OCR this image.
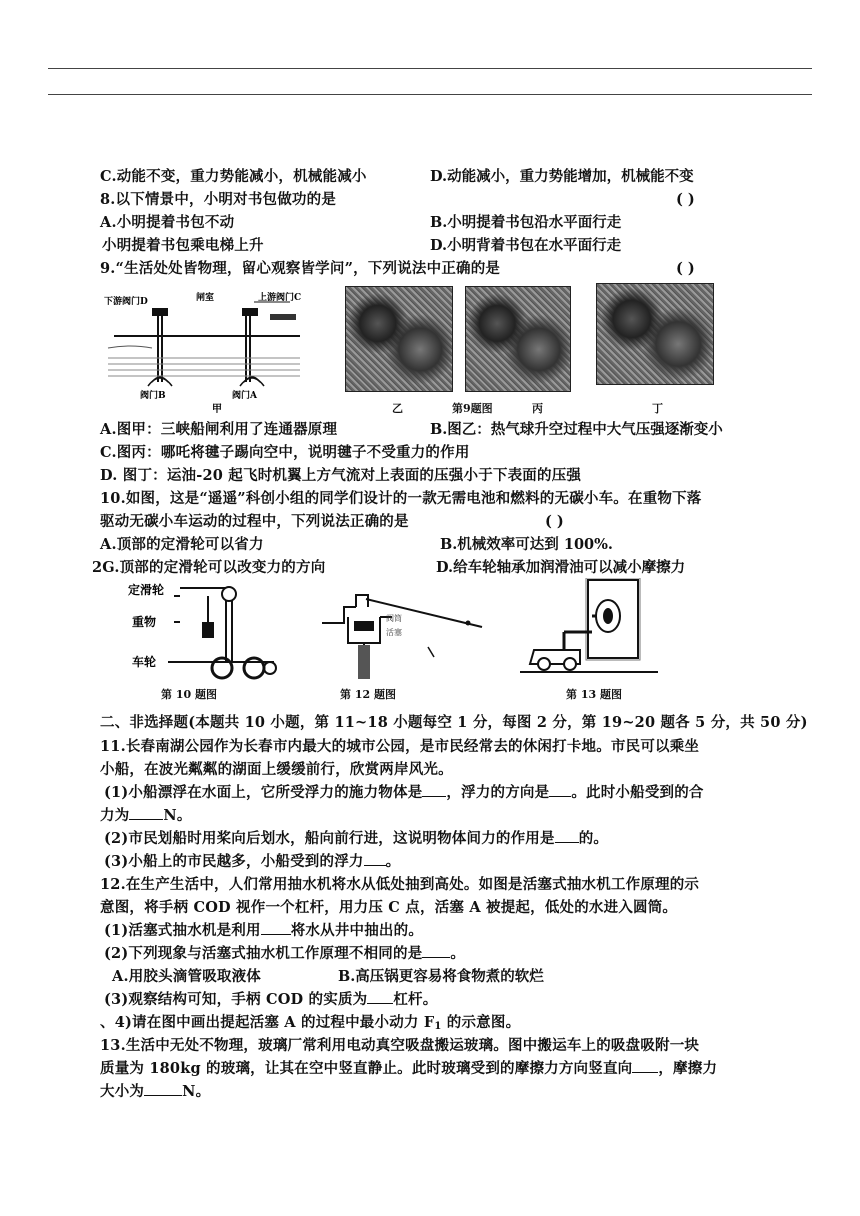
C.动能不变，重力势能减小，机械能减小	D.动能减小，重力势能增加，机械能不变
8.以下情景中，小明对书包做功的是	( )
A.小明提着书包不动	B.小明提着书包沿水平面行走
小明提着书包乘电梯上升	D.小明背着书包在水平面行走
9.“生活处处皆物理，留心观察皆学问”，下列说法中正确的是	( )
下游阀门D	闸室	上游阀门C
阀门B	阀门A
甲	乙	第9题图	丙	丁
A.图甲：三峡船闸利用了连通器原理	B.图乙：热气球升空过程中大气压强逐渐变小
C.图丙：哪吒将毽子踢向空中，说明毽子不受重力的作用
D. 图丁：运油-20 起飞时机翼上方气流对上表面的压强小于下表面的压强
10.如图，这是“遥遥”科创小组的同学们设计的一款无需电池和燃料的无碳小车。在重物下落
驱动无碳小车运动的过程中，下列说法正确的是	( )
A.顶部的定滑轮可以省力	B.机械效率可达到 100%.
2G.顶部的定滑轮可以改变力的方向	D.给车轮轴承加润滑油可以减小摩擦力
定滑轮
重物
车轮
第 10 题图
阀筒
活塞
第 12 题图	第 13 题图
二、非选择题(本题共 10 小题，第 11~18 小题每空 1 分，每图 2 分，第 19~20 题各 5 分，共 50 分)
11.长春南湖公园作为长春市内最大的城市公园，是市民经常去的休闲打卡地。市民可以乘坐
小船，在波光粼粼的湖面上缓缓前行，欣赏两岸风光。
(1)小船漂浮在水面上，它所受浮力的施力物体是 ，浮力的方向是 。此时小船受到的合
力为 N。
(2)市民划船时用桨向后划水，船向前行进，这说明物体间力的作用是 的。
(3)小船上的市民越多，小船受到的浮力 。
12.在生产生活中，人们常用抽水机将水从低处抽到高处。如图是活塞式抽水机工作原理的示
意图，将手柄 COD 视作一个杠杆，用力压 C 点，活塞 A 被提起，低处的水进入圆筒。
(1)活塞式抽水机是利用 将水从井中抽出的。
(2)下列现象与活塞式抽水机工作原理不相同的是 。
A.用胶头滴管吸取液体	B.高压锅更容易将食物煮的软烂
(3)观察结构可知，手柄 COD 的实质为 杠杆。
、4)请在图中画出提起活塞 A 的过程中最小动力 $F_1$ 的示意图。
13.生活中无处不物理，玻璃厂常利用电动真空吸盘搬运玻璃。图中搬运车上的吸盘吸附一块
质量为 180kg 的玻璃，让其在空中竖直静止。此时玻璃受到的摩擦力方向竖直向 ，摩擦力
大小为	N。
